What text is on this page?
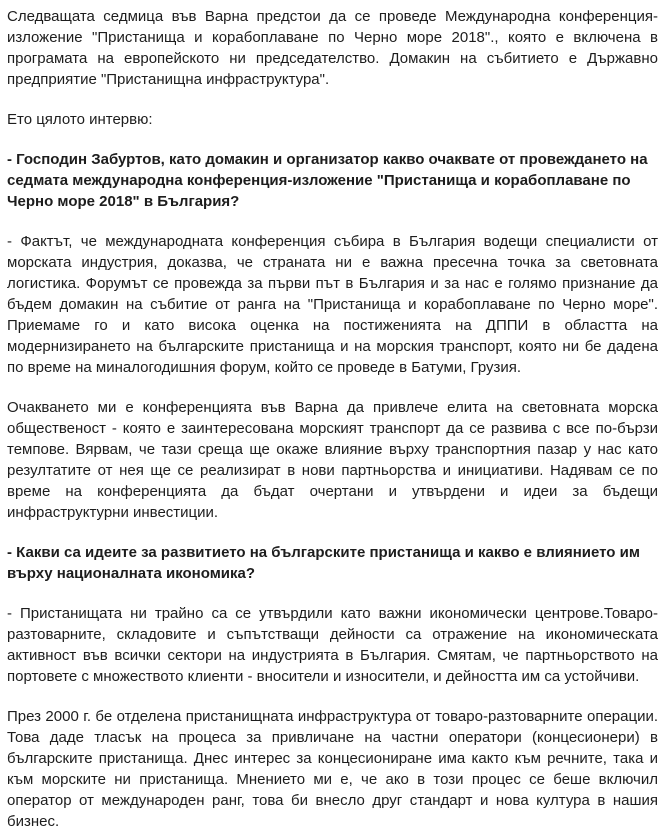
Следващата седмица във Варна предстои да се проведе Международна конференция-изложение "Пристанища и корабоплаване по Черно море 2018"., която е включена в програмата на европейското ни председателство. Домакин на събитието е Държавно предприятие "Пристанищна инфраструктура".

Ето цялото интервю:

- Господин Забуртов, като домакин и организатор какво очаквате от провеждането на седмата международна конференция-изложение "Пристанища и корабоплаване по Черно море 2018" в България?

- Фактът, че международната конференция събира в България водещи специалисти от морската индустрия, доказва, че страната ни е важна пресечна точка за световната логистика. Форумът се провежда за първи път в България и за нас е голямо признание да бъдем домакин на събитие от ранга на "Пристанища и корабоплаване по Черно море". Приемаме го и като висока оценка на постиженията на ДППИ в областта на модернизирането на българските пристанища и на морския транспорт, която ни бе дадена по време на миналогодишния форум, който се проведе в Батуми, Грузия.

Очакването ми е конференцията във Варна да привлече елита на световната морска общественост - която е заинтересована морският транспорт да се развива с все по-бързи темпове. Вярвам, че тази среща ще окаже влияние върху транспортния пазар у нас като резултатите от нея ще се реализират в нови партньорства и инициативи. Надявам се по време на конференцията да бъдат очертани и утвърдени и идеи за бъдещи инфраструктурни инвестиции.

- Какви са идеите за развитието на българските пристанища и какво е влиянието им върху националната икономика?

- Пристанищата ни трайно са се утвърдили като важни икономически центрове.Товаро-разтоварните, складовите и съпътстващи дейности са отражение на икономическата активност във всички сектори на индустрията в България. Смятам, че партньорството на портовете с множеството клиенти - вносители и износители, и дейността им са устойчиви.

През 2000 г. бе отделена пристанищната инфраструктура от товаро-разтоварните операции. Това даде тласък на процеса за привличане на частни оператори (концесионери) в българските пристанища. Днес интерес за концесиониране има както към речните, така и към морските ни пристанища. Мнението ми е, че ако в този процес се беше включил оператор от международен ранг, това би внесло друг стандарт и нова култура в нашия бизнес.
